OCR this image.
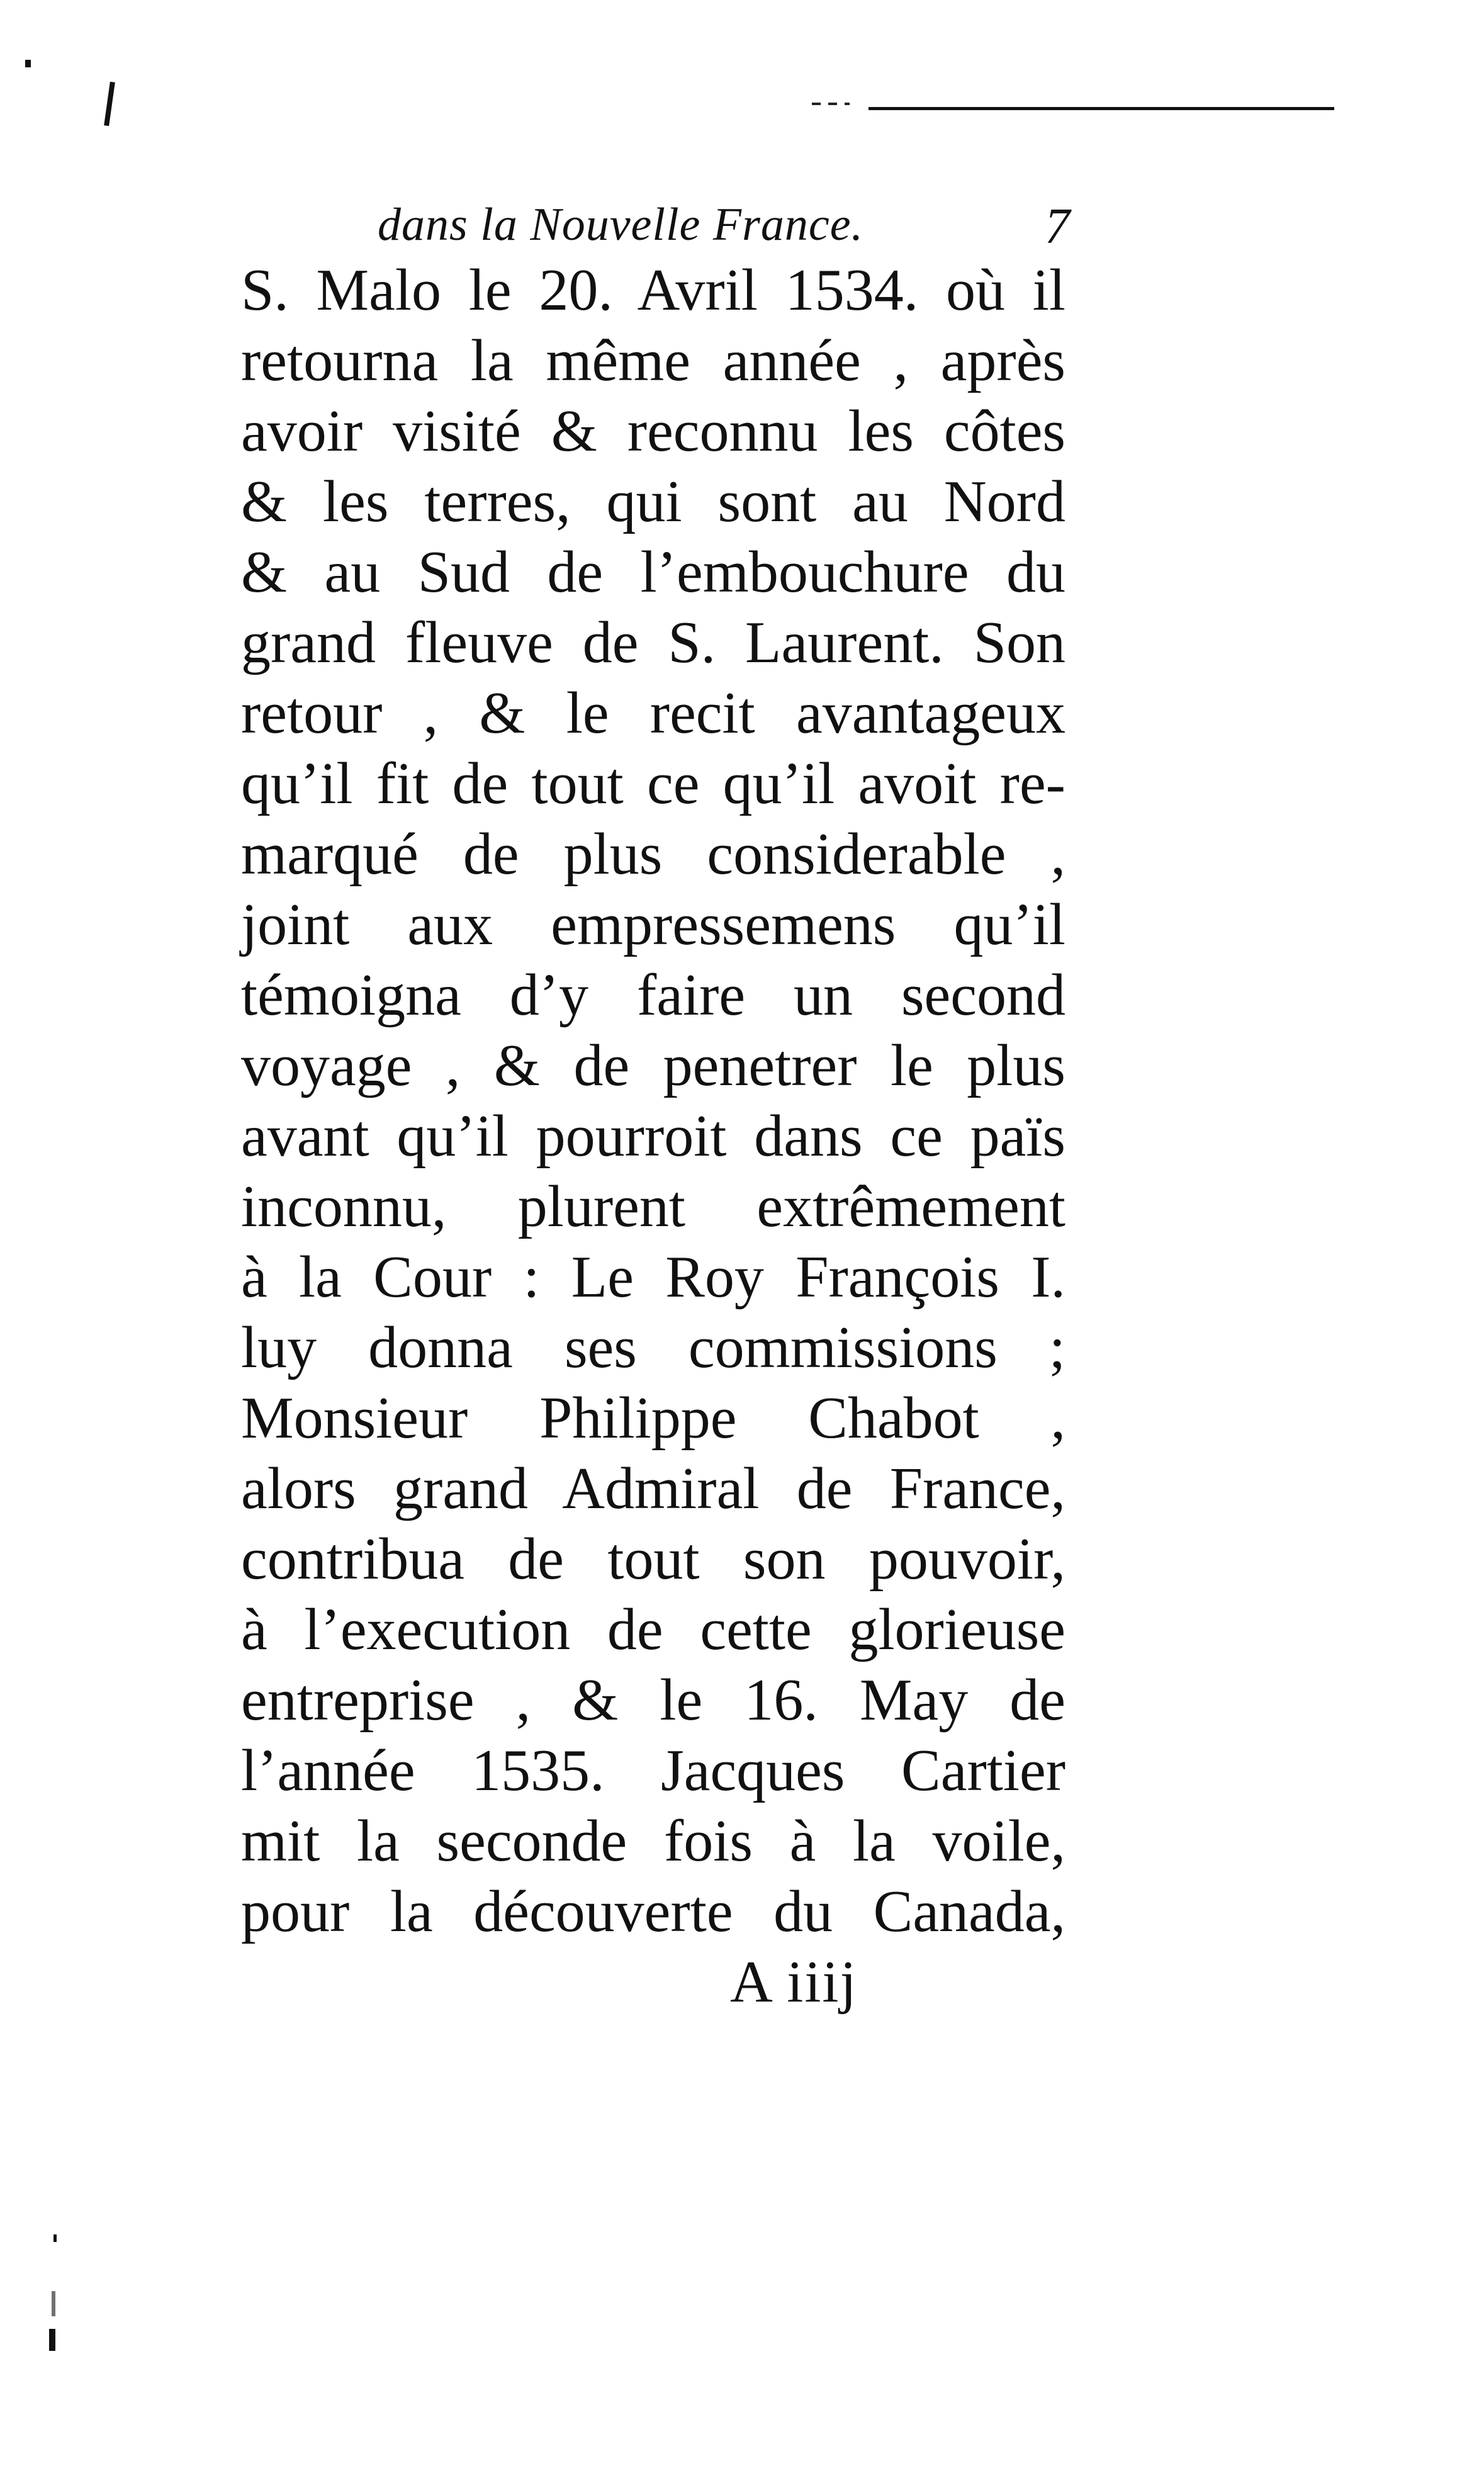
dans la Nouvelle France.	7
S. Malo le 20. Avril 1534. où il
retourna la même année , après
avoir visité & reconnu les côtes
& les terres, qui sont au Nord
& au Sud de l’embouchure du
grand fleuve de S. Laurent. Son
retour , & le recit avantageux
qu’il fit de tout ce qu’il avoit re-
marqué de plus considerable ,
joint aux empressemens qu’il
témoigna d’y faire un second
voyage , & de penetrer le plus
avant qu’il pourroit dans ce païs
inconnu, plurent extrêmement
à la Cour : Le Roy François I.
luy donna ses commissions ;
Monsieur Philippe Chabot ,
alors grand Admiral de France,
contribua de tout son pouvoir,
à l’execution de cette glorieuse
entreprise , & le 16. May de
l’année 1535. Jacques Cartier
mit la seconde fois à la voile,
pour la découverte du Canada,
A iiij
